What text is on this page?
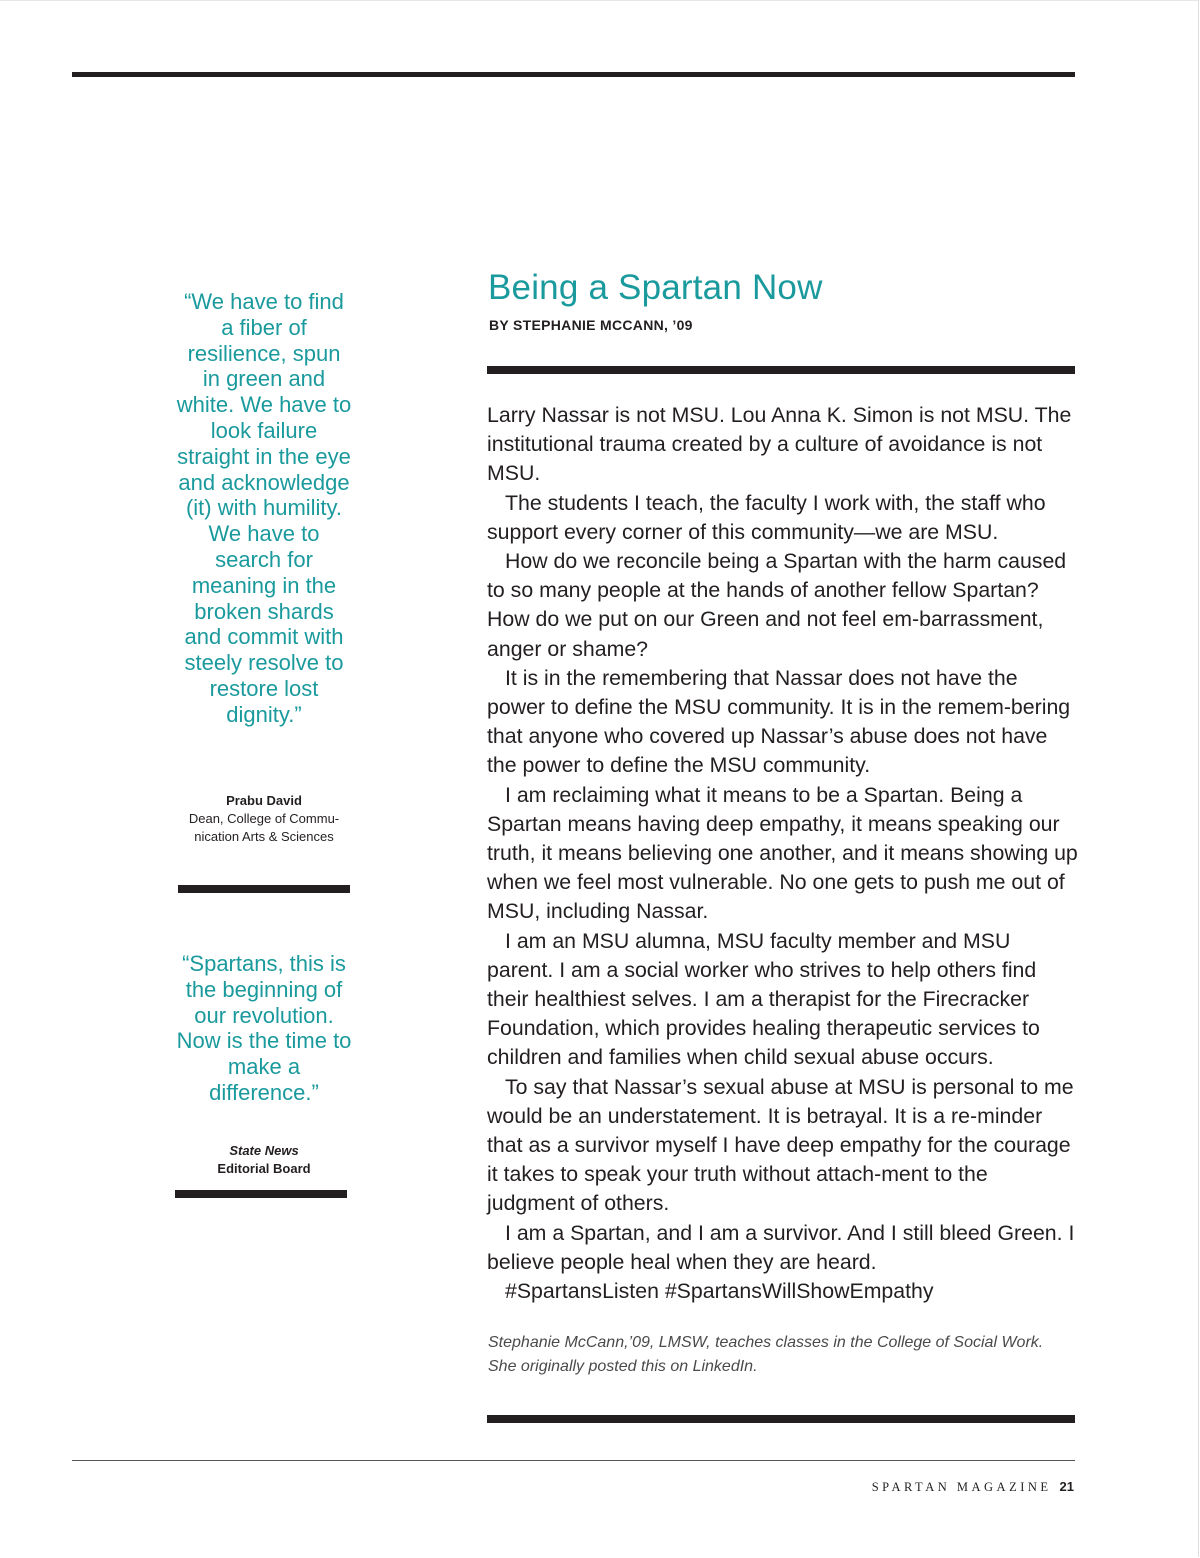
“We have to find a fiber of resilience, spun in green and white. We have to look failure straight in the eye and acknowledge (it) with humility. We have to search for meaning in the broken shards and commit with steely resolve to restore lost dignity.”
Prabu David
Dean, College of Commu-nication Arts & Sciences
“Spartans, this is the beginning of our revolution. Now is the time to make a difference.”
State News
Editorial Board
Being a Spartan Now
BY STEPHANIE MCCANN, ’09

Larry Nassar is not MSU. Lou Anna K. Simon is not MSU. The institutional trauma created by a culture of avoidance is not MSU.

The students I teach, the faculty I work with, the staff who support every corner of this community—we are MSU.

How do we reconcile being a Spartan with the harm caused to so many people at the hands of another fellow Spartan? How do we put on our Green and not feel em-barrassment, anger or shame?

It is in the remembering that Nassar does not have the power to define the MSU community. It is in the remem-bering that anyone who covered up Nassar’s abuse does not have the power to define the MSU community.

I am reclaiming what it means to be a Spartan. Being a Spartan means having deep empathy, it means speaking our truth, it means believing one another, and it means showing up when we feel most vulnerable. No one gets to push me out of MSU, including Nassar.

I am an MSU alumna, MSU faculty member and MSU parent. I am a social worker who strives to help others find their healthiest selves. I am a therapist for the Firecracker Foundation, which provides healing therapeutic services to children and families when child sexual abuse occurs.

To say that Nassar’s sexual abuse at MSU is personal to me would be an understatement. It is betrayal. It is a re-minder that as a survivor myself I have deep empathy for the courage it takes to speak your truth without attach-ment to the judgment of others.

I am a Spartan, and I am a survivor. And I still bleed Green. I believe people heal when they are heard.

#SpartansListen #SpartansWillShowEmpathy

Stephanie McCann,’09, LMSW, teaches classes in the College of Social Work.
She originally posted this on LinkedIn.
SPARTAN MAGAZINE 21
